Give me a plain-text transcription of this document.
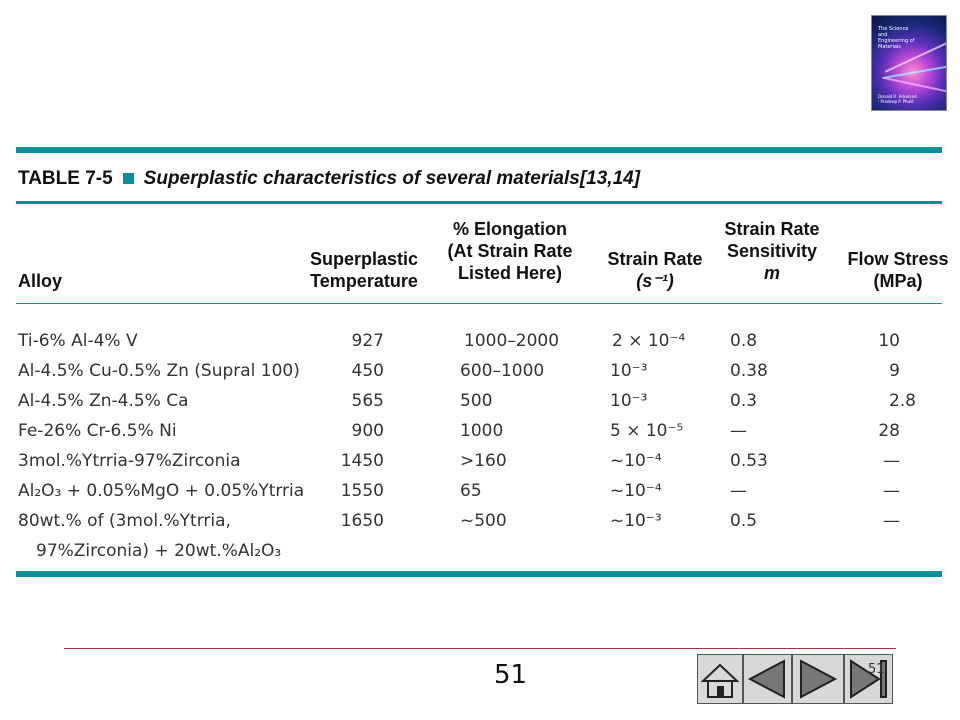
The Science and Engineering of Materials
Donald R. Askeland · Pradeep P. Phulé
TABLE 7-5 Superplastic characteristics of several materials[13,14]
Alloy
Superplastic
Temperature
% Elongation
(At Strain Rate
Listed Here)
Strain Rate
(s⁻¹)
Strain Rate
Sensitivity
m
Flow Stress
(MPa)
Ti-6% Al-4% V	927	1000–2000	2 × 10⁻⁴	0.8	10
Al-4.5% Cu-0.5% Zn (Supral 100)	450	600–1000	10⁻³	0.38	9
Al-4.5% Zn-4.5% Ca	565	500	10⁻³	0.3	2.8
Fe-26% Cr-6.5% Ni	900	1000	5 × 10⁻⁵	—	28
3mol.%Ytrria-97%Zirconia	1450	>160	~10⁻⁴	0.53	—
Al₂O₃ + 0.05%MgO + 0.05%Ytrria	1550	65	~10⁻⁴	—	—
80wt.% of (3mol.%Ytrria,	1650	~500	~10⁻³	0.5	—
97%Zirconia) + 20wt.%Al₂O₃
51	51
